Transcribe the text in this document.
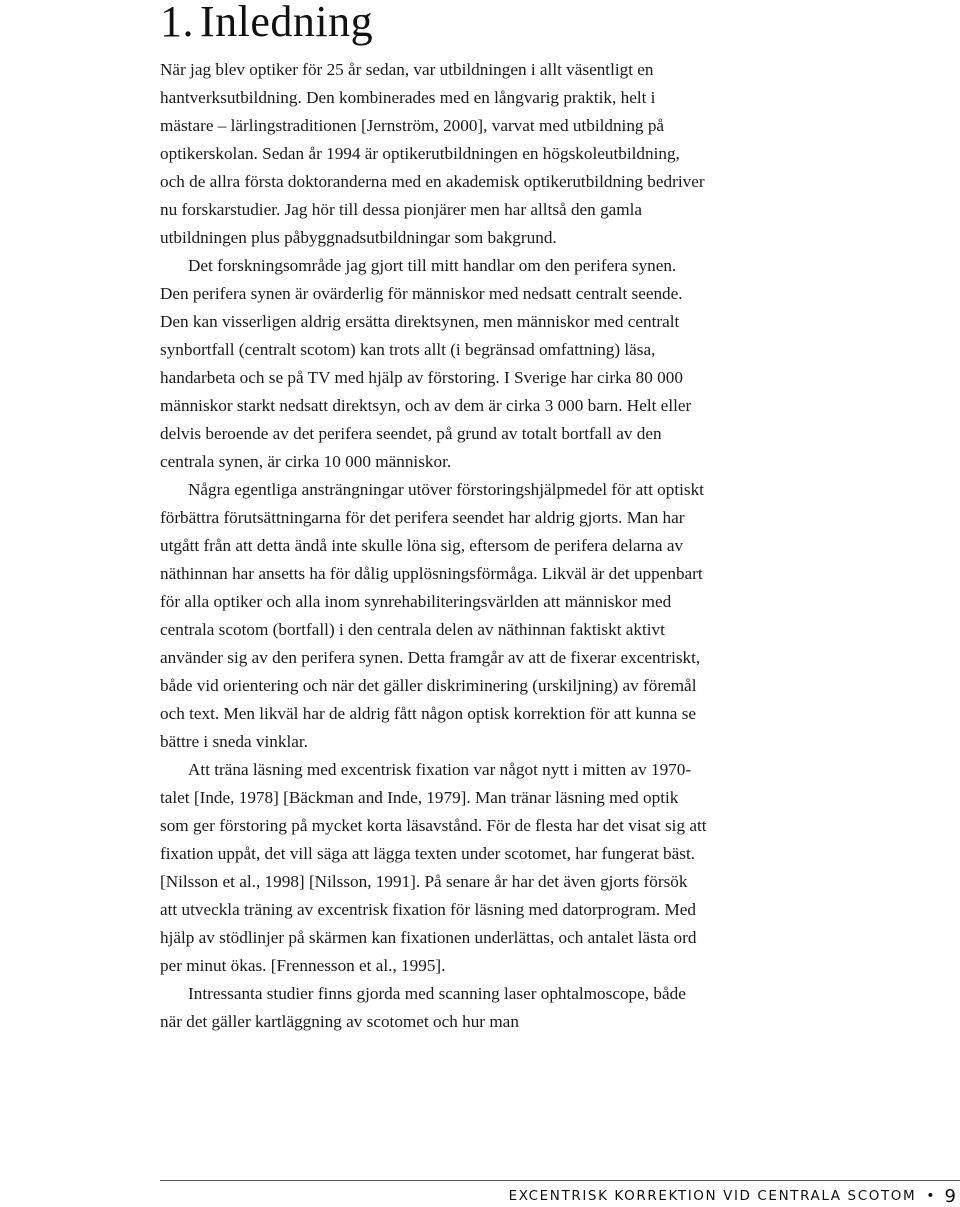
1. Inledning

När jag blev optiker för 25 år sedan, var utbildningen i allt väsentligt en hantverksutbildning. Den kombinerades med en långvarig praktik, helt i mästare – lärlingstraditionen [Jernström, 2000], varvat med utbildning på optikerskolan. Sedan år 1994 är optikerutbildningen en högskoleutbildning, och de allra första doktoranderna med en akademisk optikerutbildning bedriver nu forskarstudier. Jag hör till dessa pionjärer men har alltså den gamla utbildningen plus påbyggnadsutbildningar som bakgrund.

Det forskningsområde jag gjort till mitt handlar om den perifera synen. Den perifera synen är ovärderlig för människor med nedsatt centralt seende. Den kan visserligen aldrig ersätta direktsynen, men människor med centralt synbortfall (centralt scotom) kan trots allt (i begränsad omfattning) läsa, handarbeta och se på TV med hjälp av förstoring. I Sverige har cirka 80 000 människor starkt nedsatt direktsyn, och av dem är cirka 3 000 barn. Helt eller delvis beroende av det perifera seendet, på grund av totalt bortfall av den centrala synen, är cirka 10 000 människor.

Några egentliga ansträngningar utöver förstoringshjälpmedel för att optiskt förbättra förutsättningarna för det perifera seendet har aldrig gjorts. Man har utgått från att detta ändå inte skulle löna sig, eftersom de perifera delarna av näthinnan har ansetts ha för dålig upplösningsförmåga. Likväl är det uppenbart för alla optiker och alla inom synrehabiliteringsvärlden att människor med centrala scotom (bortfall) i den centrala delen av näthinnan faktiskt aktivt använder sig av den perifera synen. Detta framgår av att de fixerar excentriskt, både vid orientering och när det gäller diskriminering (urskiljning) av föremål och text. Men likväl har de aldrig fått någon optisk korrektion för att kunna se bättre i sneda vinklar.

Att träna läsning med excentrisk fixation var något nytt i mitten av 1970-talet [Inde, 1978] [Bäckman and Inde, 1979]. Man tränar läsning med optik som ger förstoring på mycket korta läsavstånd. För de flesta har det visat sig att fixation uppåt, det vill säga att lägga texten under scotomet, har fungerat bäst. [Nilsson et al., 1998] [Nilsson, 1991]. På senare år har det även gjorts försök att utveckla träning av excentrisk fixation för läsning med datorprogram. Med hjälp av stödlinjer på skärmen kan fixationen underlättas, och antalet lästa ord per minut ökas. [Frennesson et al., 1995].

Intressanta studier finns gjorda med scanning laser ophtalmoscope, både när det gäller kartläggning av scotomet och hur man

EXCENTRISK KORREKTION VID CENTRALA SCOTOM • 9
